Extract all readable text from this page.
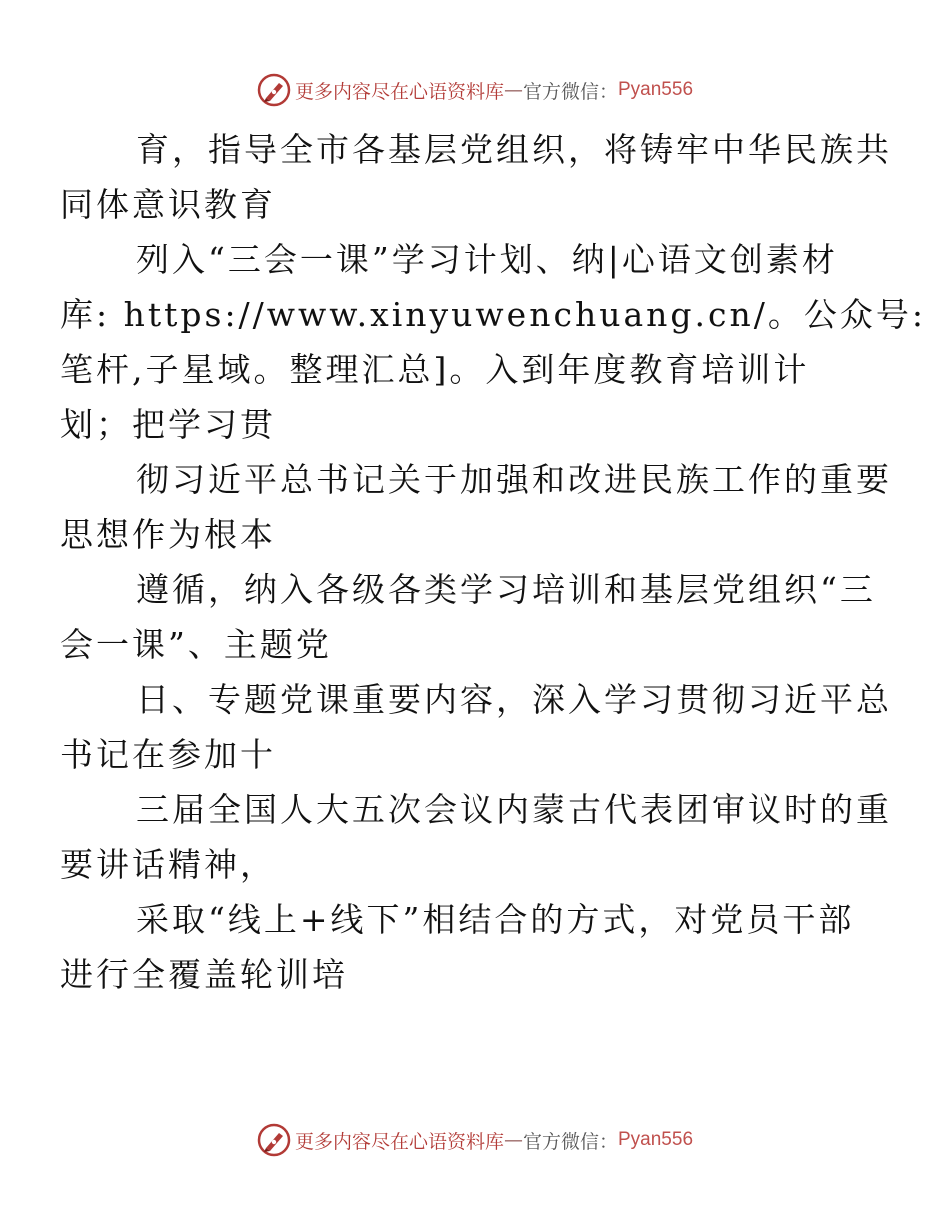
更多内容尽在心语资料库 — 官方微信： Pyan556

育，指导全市各基层党组织，将铸牢中华民族共
同体意识教育

列入“三会一课”学习计划、纳|心语文创素材
库: https://www.xinyuwenchuang.cn/。公众号:
笔杆,子星域。整理汇总]。入到年度教育培训计
划；把学习贯

彻习近平总书记关于加强和改进民族工作的重要
思想作为根本

遵循，纳入各级各类学习培训和基层党组织“三
会一课”、主题党

日、专题党课重要内容，深入学习贯彻习近平总
书记在参加十

三届全国人大五次会议内蒙古代表团审议时的重
要讲话精神，

采取“线上+线下”相结合的方式，对党员干部
进行全覆盖轮训培

更多内容尽在心语资料库 — 官方微信： Pyan556
